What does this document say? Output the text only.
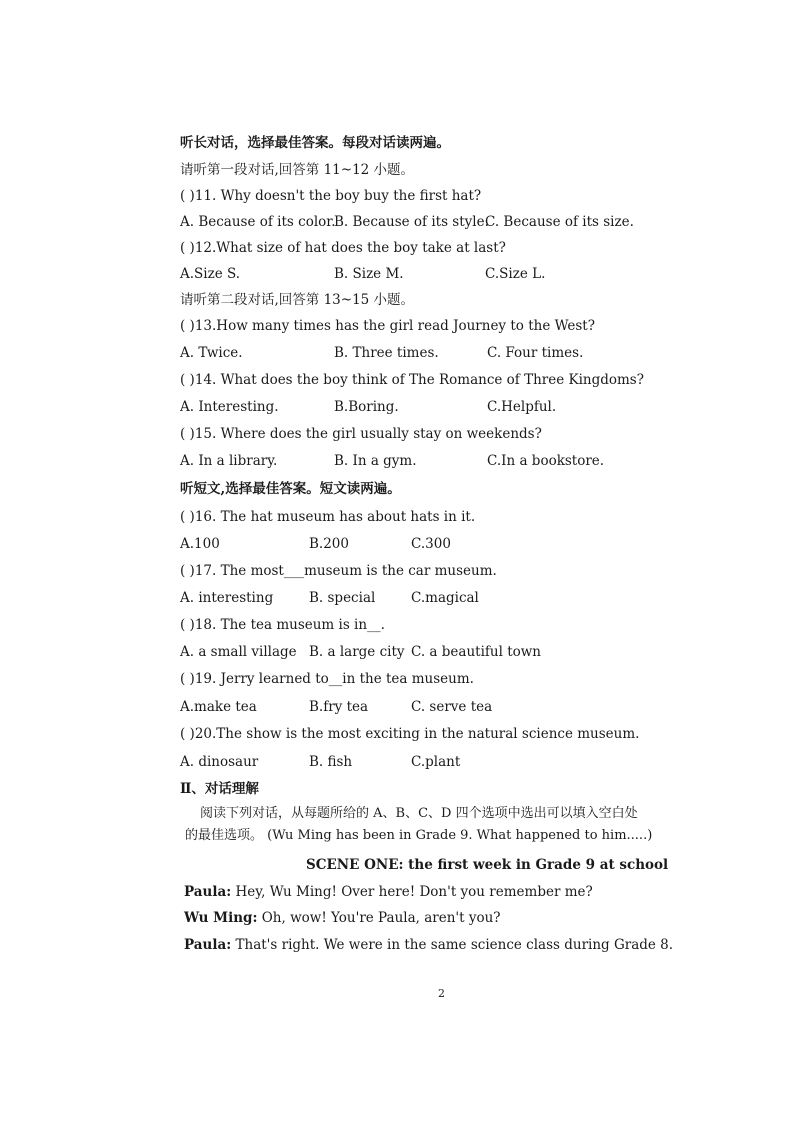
听长对话，选择最佳答案。每段对话读两遍。
请听第一段对话,回答第 11~12 小题。
( )11. Why doesn't the boy buy the first hat?
A. Because of its color.
B. Because of its style.
C. Because of its size.
( )12.What size of hat does the boy take at last?
A.Size S.	B. Size M.	C.Size L.
请听第二段对话,回答第 13~15 小题。
( )13.How many times has the girl read Journey to the West?
A. Twice.	B. Three times.	C. Four times.
( )14. What does the boy think of The Romance of Three Kingdoms?
A. Interesting.	B.Boring.	C.Helpful.
( )15. Where does the girl usually stay on weekends?
A. In a library.	B. In a gym.	C.In a bookstore.
听短文,选择最佳答案。短文读两遍。
( )16. The hat museum has about hats in it.
A.100	B.200	C.300
( )17. The most___museum is the car museum.
A. interesting	B. special	C.magical
( )18. The tea museum is in__.
A. a small village B. a large city C. a beautiful town
( )19. Jerry learned to__in the tea museum.
A.make tea	B.fry tea	C. serve tea
( )20.The show is the most exciting in the natural science museum.
A. dinosaur	B. fish	C.plant
Ⅱ、对话理解
阅读下列对话，从每题所给的 A、B、C、D 四个选项中选出可以填入空白处
的最佳选项。 (Wu Ming has been in Grade 9. What happened to him.....)
SCENE ONE: the first week in Grade 9 at school
Paula: Hey, Wu Ming! Over here! Don't you remember me?
Wu Ming: Oh, wow! You're Paula, aren't you?
Paula: That's right. We were in the same science class during Grade 8.
2
